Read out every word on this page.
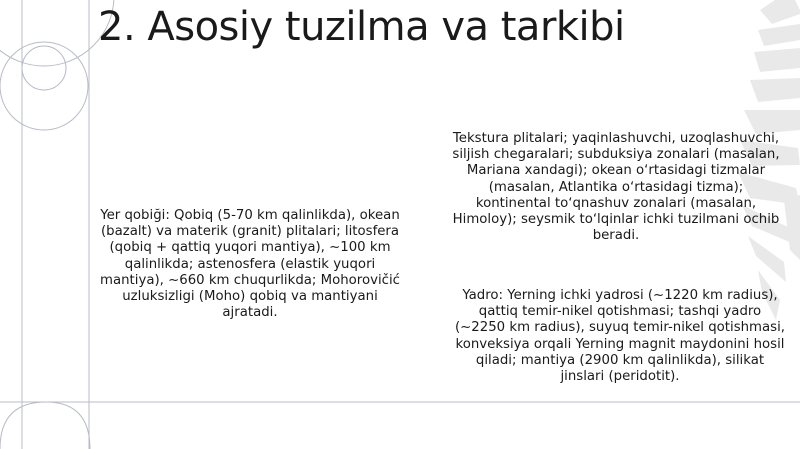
2. Asosiy tuzilma va tarkibi

Yer qobiği: Qobiq (5-70 km qalinlikda), okean (bazalt) va materik (granit) plitalari; litosfera (qobiq + qattiq yuqori mantiya), ~100 km qalinlikda; astenosfera (elastik yuqori mantiya), ~660 km chuqurlikda; Mohorovičić uzluksizligi (Moho) qobiq va mantiyani ajratadi.

Tekstura plitalari; yaqinlashuvchi, uzoqlashuvchi, siljish chegaralari; subduksiya zonalari (masalan, Mariana xandagi); okean oʻrtasidagi tizmalar (masalan, Atlantika oʻrtasidagi tizma); kontinental toʻqnashuv zonalari (masalan, Himoloy); seysmik toʻlqinlar ichki tuzilmani ochib beradi.

Yadro: Yerning ichki yadrosi (~1220 km radius), qattiq temir-nikel qotishmasi; tashqi yadro (~2250 km radius), suyuq temir-nikel qotishmasi, konveksiya orqali Yerning magnit maydonini hosil qiladi; mantiya (2900 km qalinlikda), silikat jinslari (peridotit).
